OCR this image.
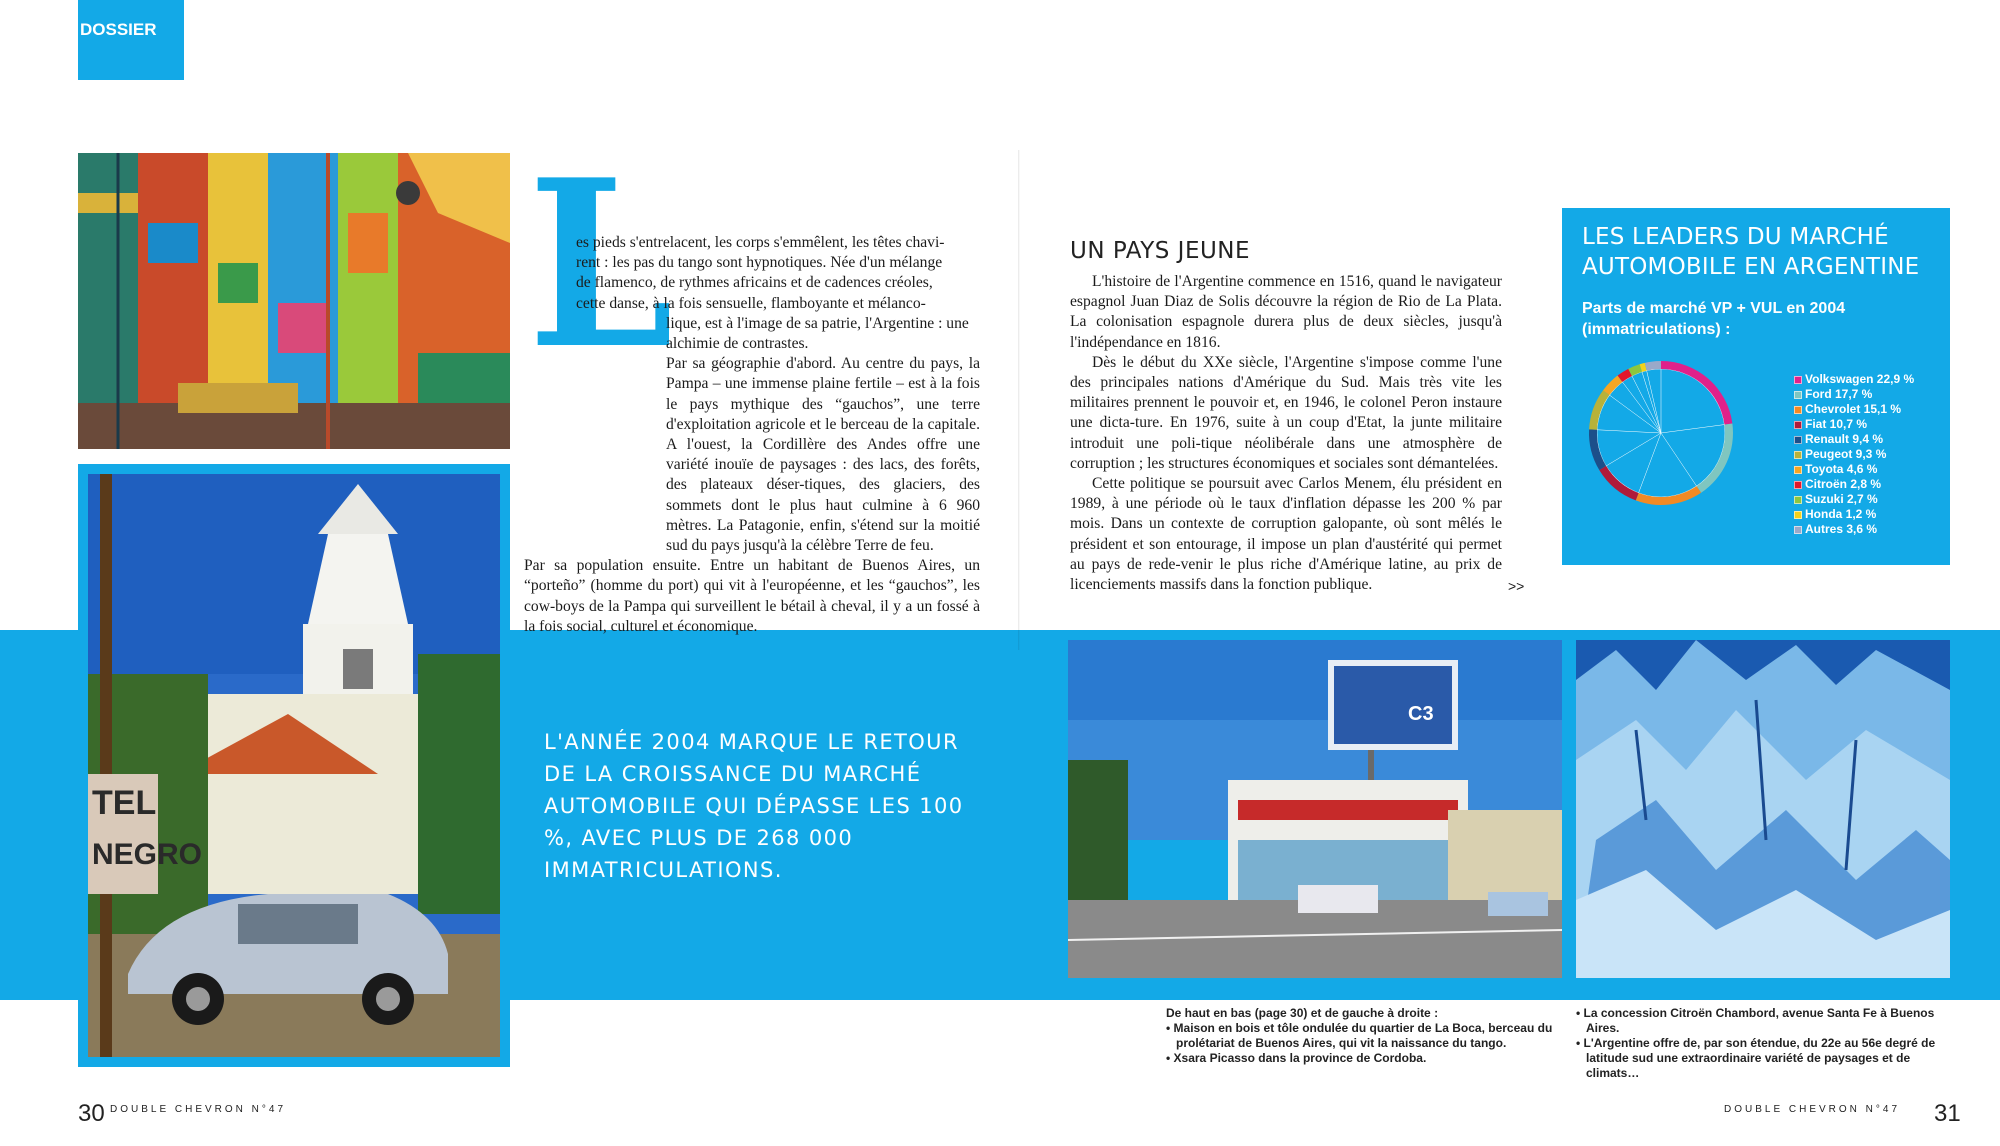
DOSSIER
TEL
NEGRO
L

es pieds s'entrelacent, les corps s'emmêlent, les têtes chavi-

rent : les pas du tango sont hypnotiques. Née d'un mélange

de flamenco, de rythmes africains et de cadences créoles,

cette danse, à la fois sensuelle, flamboyante et mélanco-

lique, est à l'image de sa patrie, l'Argentine : une

alchimie de contrastes.

Par sa géographie d'abord. Au centre du pays, la Pampa – une immense plaine fertile – est à la fois le pays mythique des “gauchos”, une terre d'exploitation agricole et le berceau de la capitale. A l'ouest, la Cordillère des Andes offre une variété inouïe de paysages : des lacs, des forêts, des plateaux déser-tiques, des glaciers, des sommets dont le plus haut culmine à 6 960 mètres. La Patagonie, enfin, s'étend sur la moitié sud du pays jusqu'à la célèbre Terre de feu.

Par sa population ensuite. Entre un habitant de Buenos Aires, un “porteño” (homme du port) qui vit à l'européenne, et les “gauchos”, les cow-boys de la Pampa qui surveillent le bétail à cheval, il y a un fossé à la fois social, culturel et économique.

L'ANNÉE 2004 MARQUE LE RETOUR DE LA CROISSANCE DU MARCHÉ AUTOMOBILE QUI DÉPASSE LES 100 %, AVEC PLUS DE 268 000 IMMATRICULATIONS.
UN PAYS JEUNE

L'histoire de l'Argentine commence en 1516, quand le navigateur espagnol Juan Diaz de Solis découvre la région de Rio de La Plata. La colonisation espagnole durera plus de deux siècles, jusqu'à l'indépendance en 1816.

Dès le début du XXe siècle, l'Argentine s'impose comme l'une des principales nations d'Amérique du Sud. Mais très vite les militaires prennent le pouvoir et, en 1946, le colonel Peron instaure une dicta-ture. En 1976, suite à un coup d'Etat, la junte militaire introduit une poli-tique néolibérale dans une atmosphère de corruption ; les structures économiques et sociales sont démantelées.

Cette politique se poursuit avec Carlos Menem, élu président en 1989, à une période où le taux d'inflation dépasse les 200 % par mois. Dans un contexte de corruption galopante, où sont mêlés le président et son entourage, il impose un plan d'austérité qui permet au pays de rede-venir le plus riche d'Amérique latine, au prix de licenciements massifs dans la fonction publique.	>>
LES LEADERS DU MARCHÉ AUTOMOBILE EN ARGENTINE
Parts de marché VP + VUL en 2004 (immatriculations) :
Volkswagen 22,9 %
Ford 17,7 %
Chevrolet 15,1 %
Fiat 10,7 %
Renault 9,4 %
Peugeot 9,3 %
Toyota 4,6 %
Citroën 2,8 %
Suzuki 2,7 %
Honda 1,2 %
Autres 3,6 %
C3
De haut en bas (page 30) et de gauche à droite :
• Maison en bois et tôle ondulée du quartier de La Boca, berceau du prolétariat de Buenos Aires, qui vit la naissance du tango.
• Xsara Picasso dans la province de Cordoba.
• La concession Citroën Chambord, avenue Santa Fe à Buenos Aires.
• L'Argentine offre de, par son étendue, du 22e au 56e degré de latitude sud une extraordinaire variété de paysages et de climats…
30 DOUBLE CHEVRON N°47	DOUBLE CHEVRON N°47 31
